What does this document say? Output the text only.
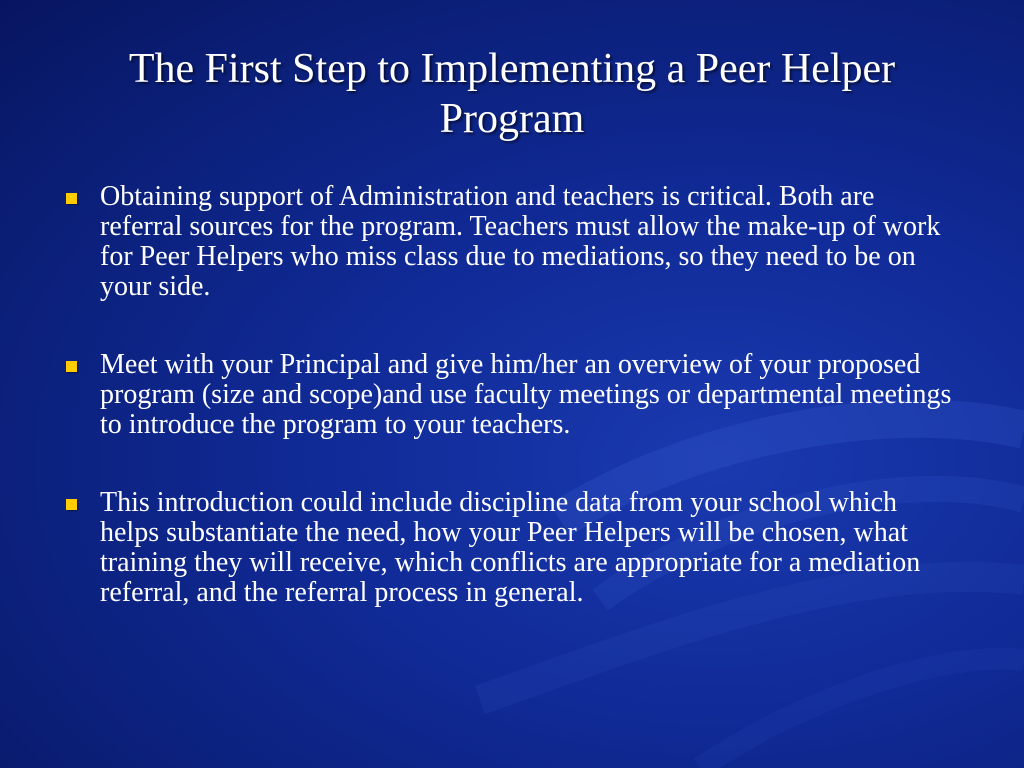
The First Step to Implementing a Peer Helper Program
Obtaining support of Administration and teachers is critical. Both are referral sources for the program. Teachers must allow the make-up of work for Peer Helpers who miss class due to mediations, so they need to be on your side.
Meet with your Principal and give him/her an overview of your proposed program (size and scope)and use faculty meetings or departmental meetings to introduce the program to your teachers.
This introduction could include discipline data from your school which helps substantiate the need, how your Peer Helpers will be chosen, what training they will receive, which conflicts are appropriate for a mediation referral, and the referral process in general.
